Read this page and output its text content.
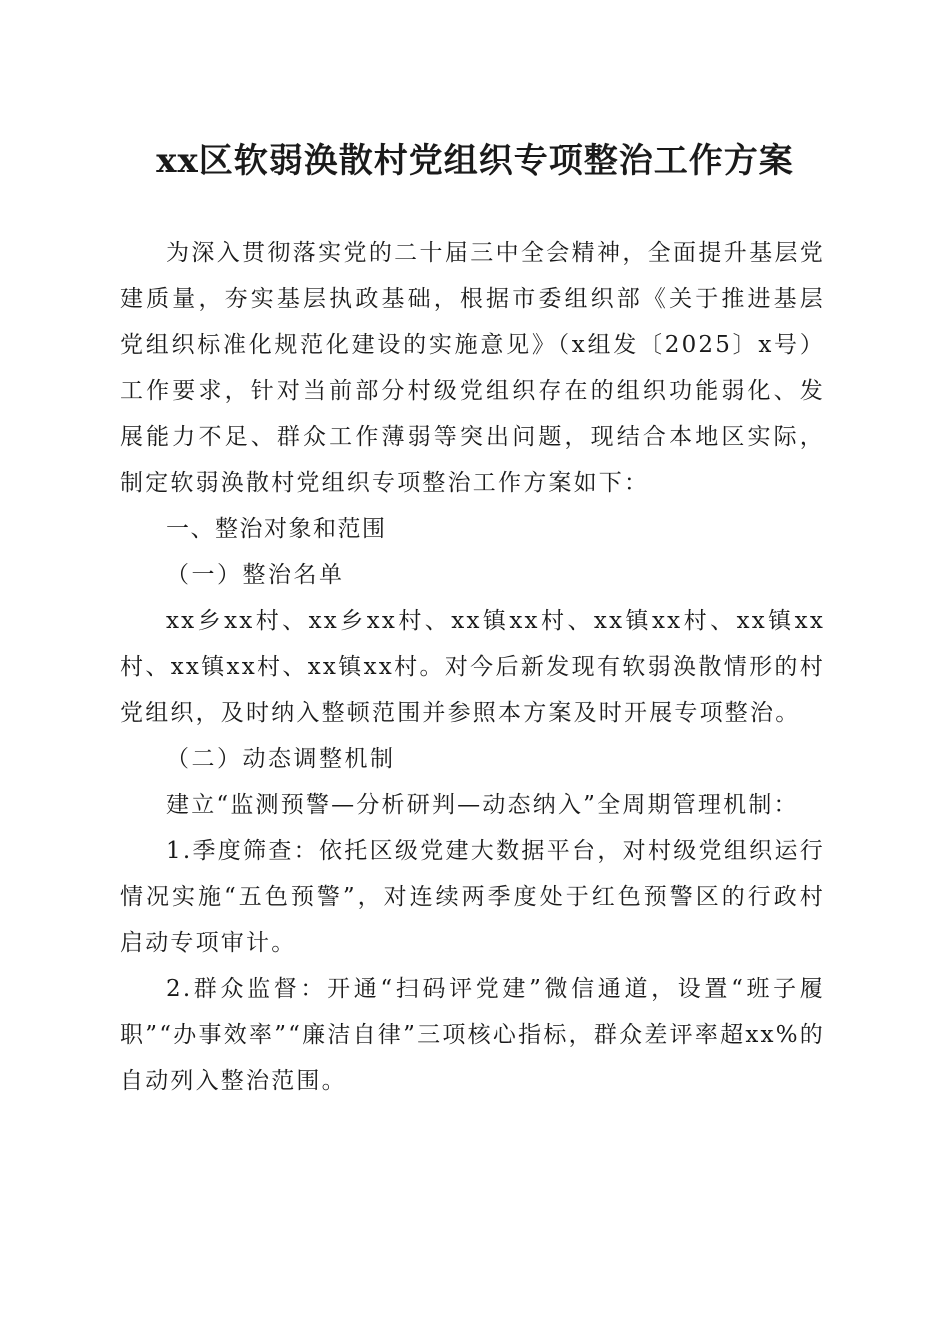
xx区软弱涣散村党组织专项整治工作方案

为深入贯彻落实党的二十届三中全会精神，全面提升基层党建质量，夯实基层执政基础，根据市委组织部《关于推进基层党组织标准化规范化建设的实施意见》（x组发〔2025〕x号）工作要求，针对当前部分村级党组织存在的组织功能弱化、发展能力不足、群众工作薄弱等突出问题，现结合本地区实际，制定软弱涣散村党组织专项整治工作方案如下：

一、整治对象和范围

（一）整治名单

xx乡xx村、xx乡xx村、xx镇xx村、xx镇xx村、xx镇xx村、xx镇xx村、xx镇xx村。对今后新发现有软弱涣散情形的村党组织，及时纳入整顿范围并参照本方案及时开展专项整治。

（二）动态调整机制

建立“监测预警—分析研判—动态纳入”全周期管理机制：

1.季度筛查：依托区级党建大数据平台，对村级党组织运行情况实施“五色预警”，对连续两季度处于红色预警区的行政村启动专项审计。

2.群众监督：开通“扫码评党建”微信通道，设置“班子履职”“办事效率”“廉洁自律”三项核心指标，群众差评率超xx%的自动列入整治范围。
